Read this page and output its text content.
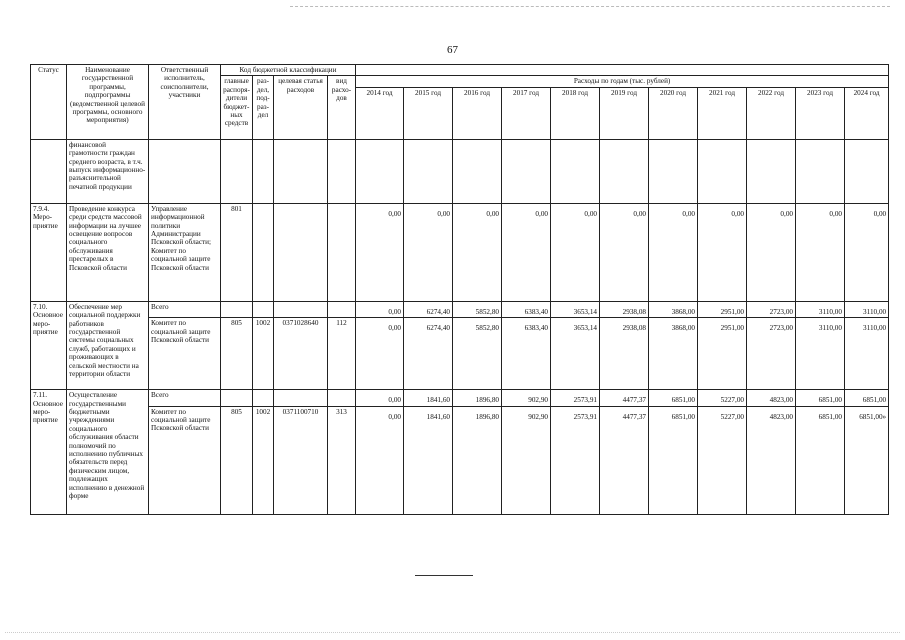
67
Статус	Наименование государственной программы, подпрограммы (ведомственной целевой программы, основного мероприятия)	Ответственный исполнитель, соисполнители, участники	Код бюджетной классификации														
			главные распоря-дители бюджет-ных средств	раз-дел, под-раз-дел	целевая статья расходов	вид расхо-дов	Расходы по годам (тыс. рублей)										
							2014 год	2015 год	2016 год	2017 год	2018 год	2019 год	2020 год	2021 год	2022 год	2023 год	2024 год
	финансовой грамотности граждан среднего возраста, в т.ч. выпуск информационно-разъяснительной печатной продукции																
7.9.4. Меро-приятие	Проведение конкурса среди средств массовой информации на лучшее освещение вопросов социального обслуживания престарелых в Псковской области	Управление информационной политики Администрации Псковской области; Комитет по социальной защите Псковской области	801				0,00	0,00	0,00	0,00	0,00	0,00	0,00	0,00	0,00	0,00	0,00
7.10. Основное меро-приятие	Обеспечение мер социальной поддержки работников государственной системы социальных служб, работающих и проживающих в сельской местности на территории области	Всего					0,00	6274,40	5852,80	6383,40	3653,14	2938,08	3868,00	2951,00	2723,00	3110,00	3110,00
		Комитет по социальной защите Псковской области	805	1002	0371028640	112	0,00	6274,40	5852,80	6383,40	3653,14	2938,08	3868,00	2951,00	2723,00	3110,00	3110,00
7.11. Основное меро-приятие	Осуществление государственными бюджетными учреждениями социального обслуживания области полномочий по исполнению публичных обязательств перед физическим лицом, подлежащих исполнению в денежной форме	Всего					0,00	1841,60	1896,80	902,90	2573,91	4477,37	6851,00	5227,00	4823,00	6851,00	6851,00
		Комитет по социальной защите Псковской области	805	1002	0371100710	313	0,00	1841,60	1896,80	902,90	2573,91	4477,37	6851,00	5227,00	4823,00	6851,00	6851,00»
